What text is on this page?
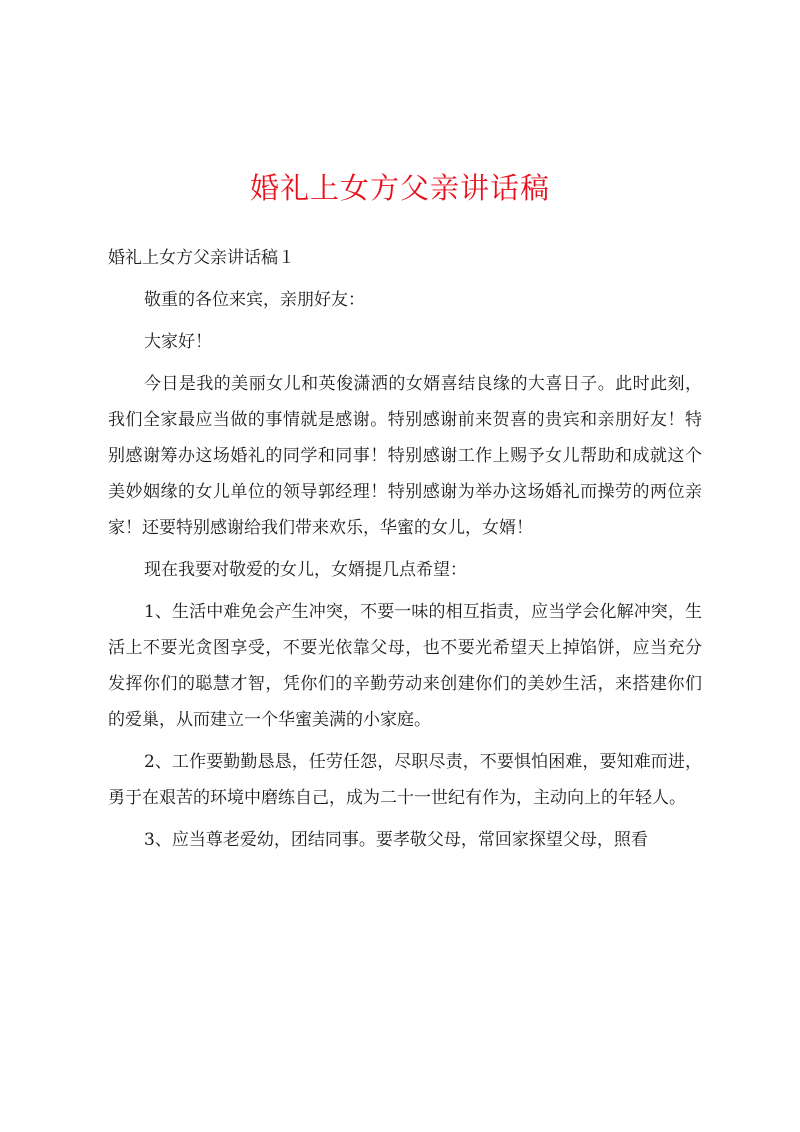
婚礼上女方父亲讲话稿

婚礼上女方父亲讲话稿１

敬重的各位来宾，亲朋好友：

大家好！

今日是我的美丽女儿和英俊潇洒的女婿喜结良缘的大喜日子。此时此刻，我们全家最应当做的事情就是感谢。特别感谢前来贺喜的贵宾和亲朋好友！特别感谢筹办这场婚礼的同学和同事！特别感谢工作上赐予女儿帮助和成就这个美妙姻缘的女儿单位的领导郭经理！特别感谢为举办这场婚礼而操劳的两位亲家！还要特别感谢给我们带来欢乐，华蜜的女儿，女婿！

现在我要对敬爱的女儿，女婿提几点希望：

1、生活中难免会产生冲突，不要一味的相互指责，应当学会化解冲突，生活上不要光贪图享受，不要光依靠父母，也不要光希望天上掉馅饼，应当充分发挥你们的聪慧才智，凭你们的辛勤劳动来创建你们的美妙生活，来搭建你们的爱巢，从而建立一个华蜜美满的小家庭。

2、工作要勤勤恳恳，任劳任怨，尽职尽责，不要惧怕困难，要知难而进，勇于在艰苦的环境中磨练自己，成为二十一世纪有作为，主动向上的年轻人。

3、应当尊老爱幼，团结同事。要孝敬父母，常回家探望父母，照看
